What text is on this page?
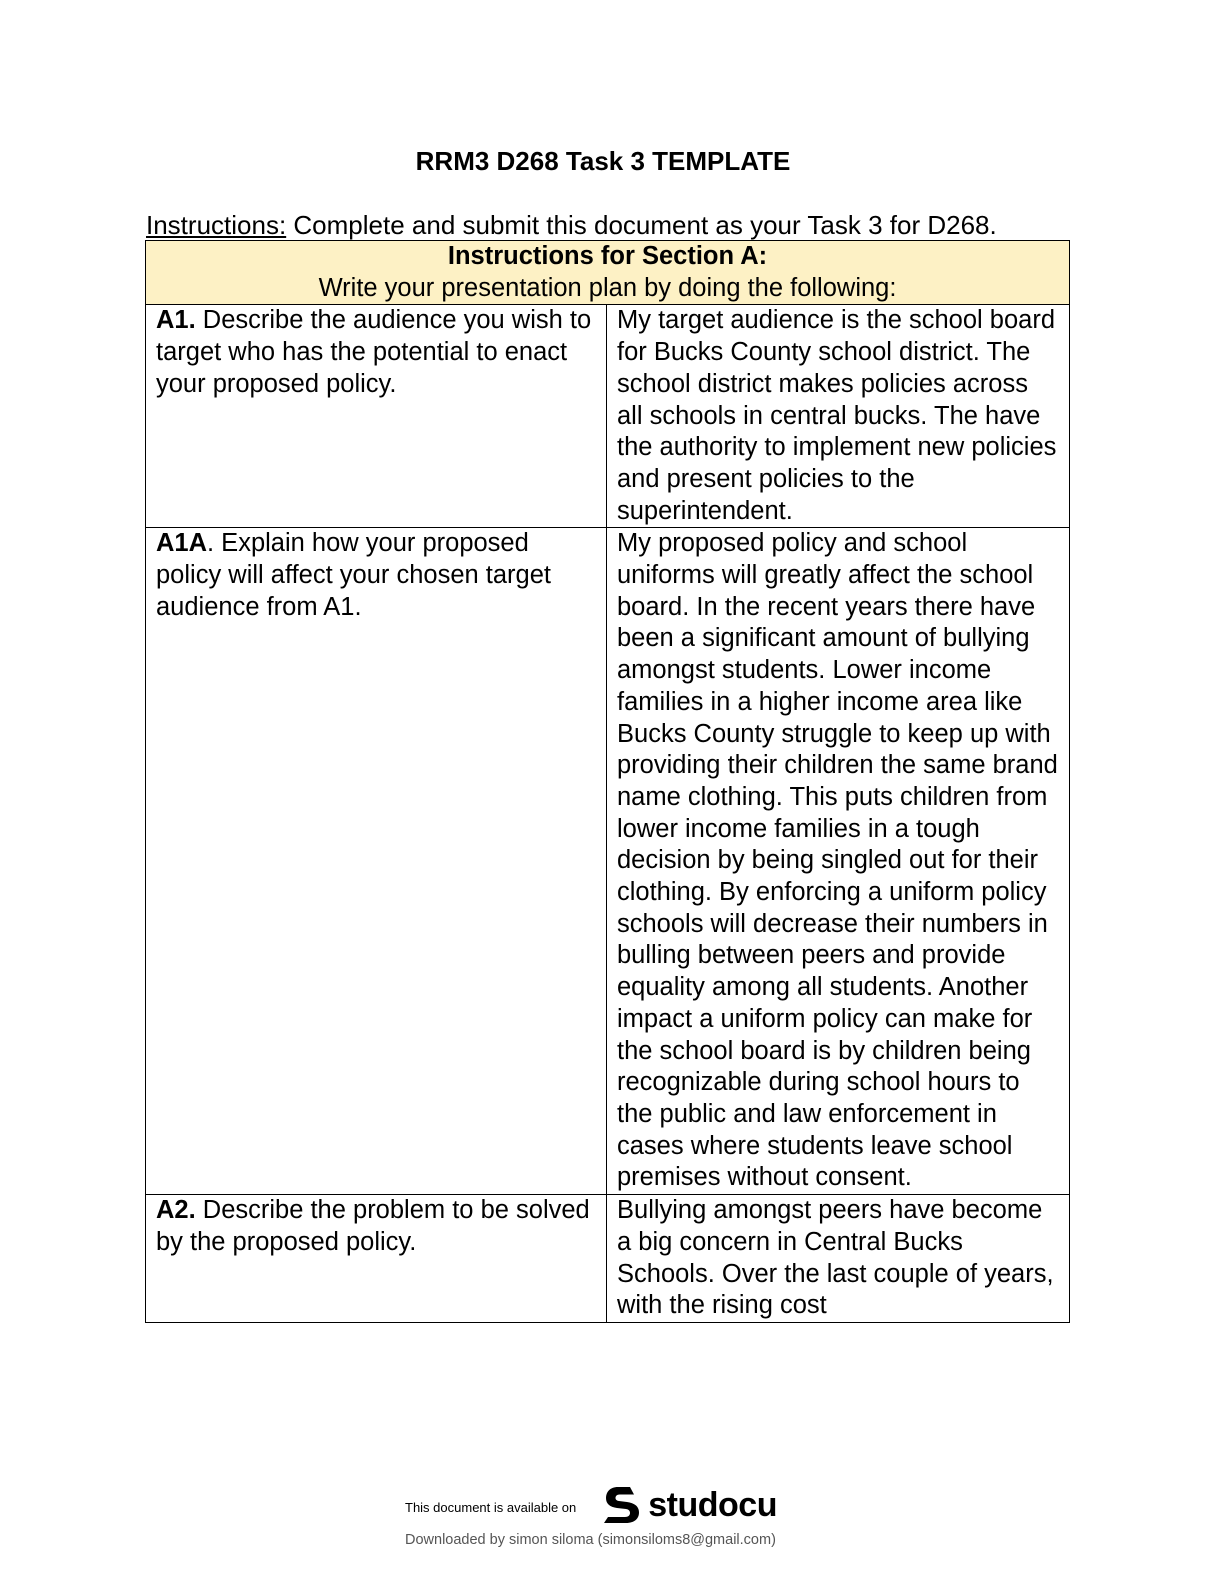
RRM3 D268 Task 3 TEMPLATE
Instructions: Complete and submit this document as your Task 3 for D268.
Instructions for Section A:
Write your presentation plan by doing the following:	

A1. Describe the audience you wish to target who has the potential to enact your proposed policy.	My target audience is the school board for Bucks County school district. The school district makes policies across all schools in central bucks. The have the authority to implement new policies and present policies to the superintendent.
A1A. Explain how your proposed policy will affect your chosen target audience from A1.	My proposed policy and school uniforms will greatly affect the school board. In the recent years there have been a significant amount of bullying amongst students. Lower income families in a higher income area like Bucks County struggle to keep up with providing their children the same brand name clothing. This puts children from lower income families in a tough decision by being singled out for their clothing. By enforcing a uniform policy schools will decrease their numbers in bulling between peers and provide equality among all students. Another impact a uniform policy can make for the school board is by children being recognizable during school hours to the public and law enforcement in cases where students leave school premises without consent.
A2. Describe the problem to be solved by the proposed policy.	Bullying amongst peers have become a big concern in Central Bucks Schools. Over the last couple of years, with the rising cost
This document is available on studocu
Downloaded by simon siloma (simonsiloms8@gmail.com)
